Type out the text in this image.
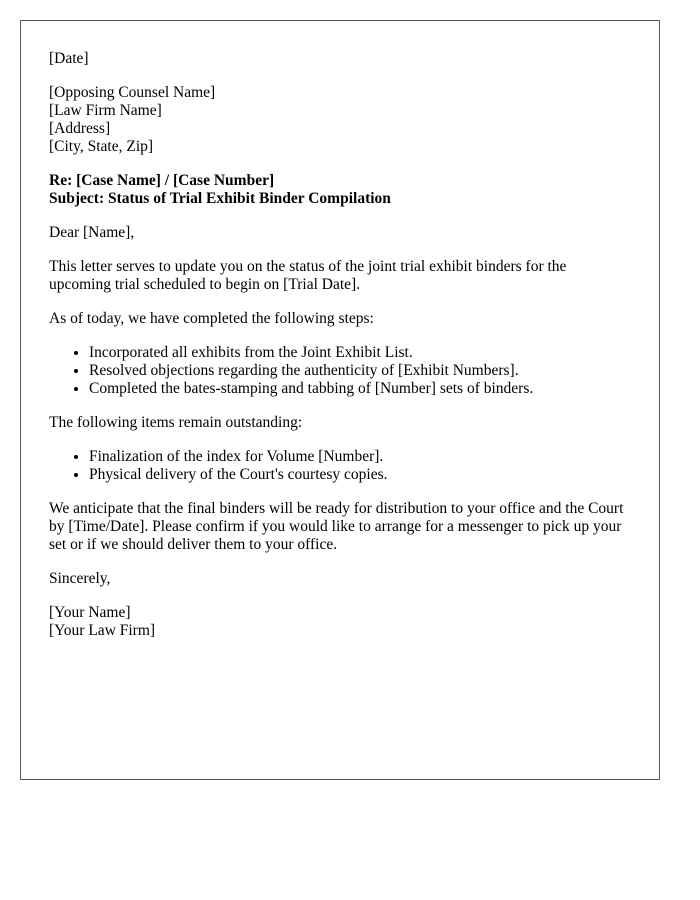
[Date]
[Opposing Counsel Name]
[Law Firm Name]
[Address]
[City, State, Zip]
Re: [Case Name] / [Case Number]
Subject: Status of Trial Exhibit Binder Compilation

Dear [Name],

This letter serves to update you on the status of the joint trial exhibit binders for the upcoming trial scheduled to begin on [Trial Date].

As of today, we have completed the following steps:

• Incorporated all exhibits from the Joint Exhibit List.
• Resolved objections regarding the authenticity of [Exhibit Numbers].
• Completed the bates-stamping and tabbing of [Number] sets of binders.

The following items remain outstanding:

• Finalization of the index for Volume [Number].
• Physical delivery of the Court's courtesy copies.

We anticipate that the final binders will be ready for distribution to your office and the Court by [Time/Date]. Please confirm if you would like to arrange for a messenger to pick up your set or if we should deliver them to your office.

Sincerely,

[Your Name]
[Your Law Firm]
